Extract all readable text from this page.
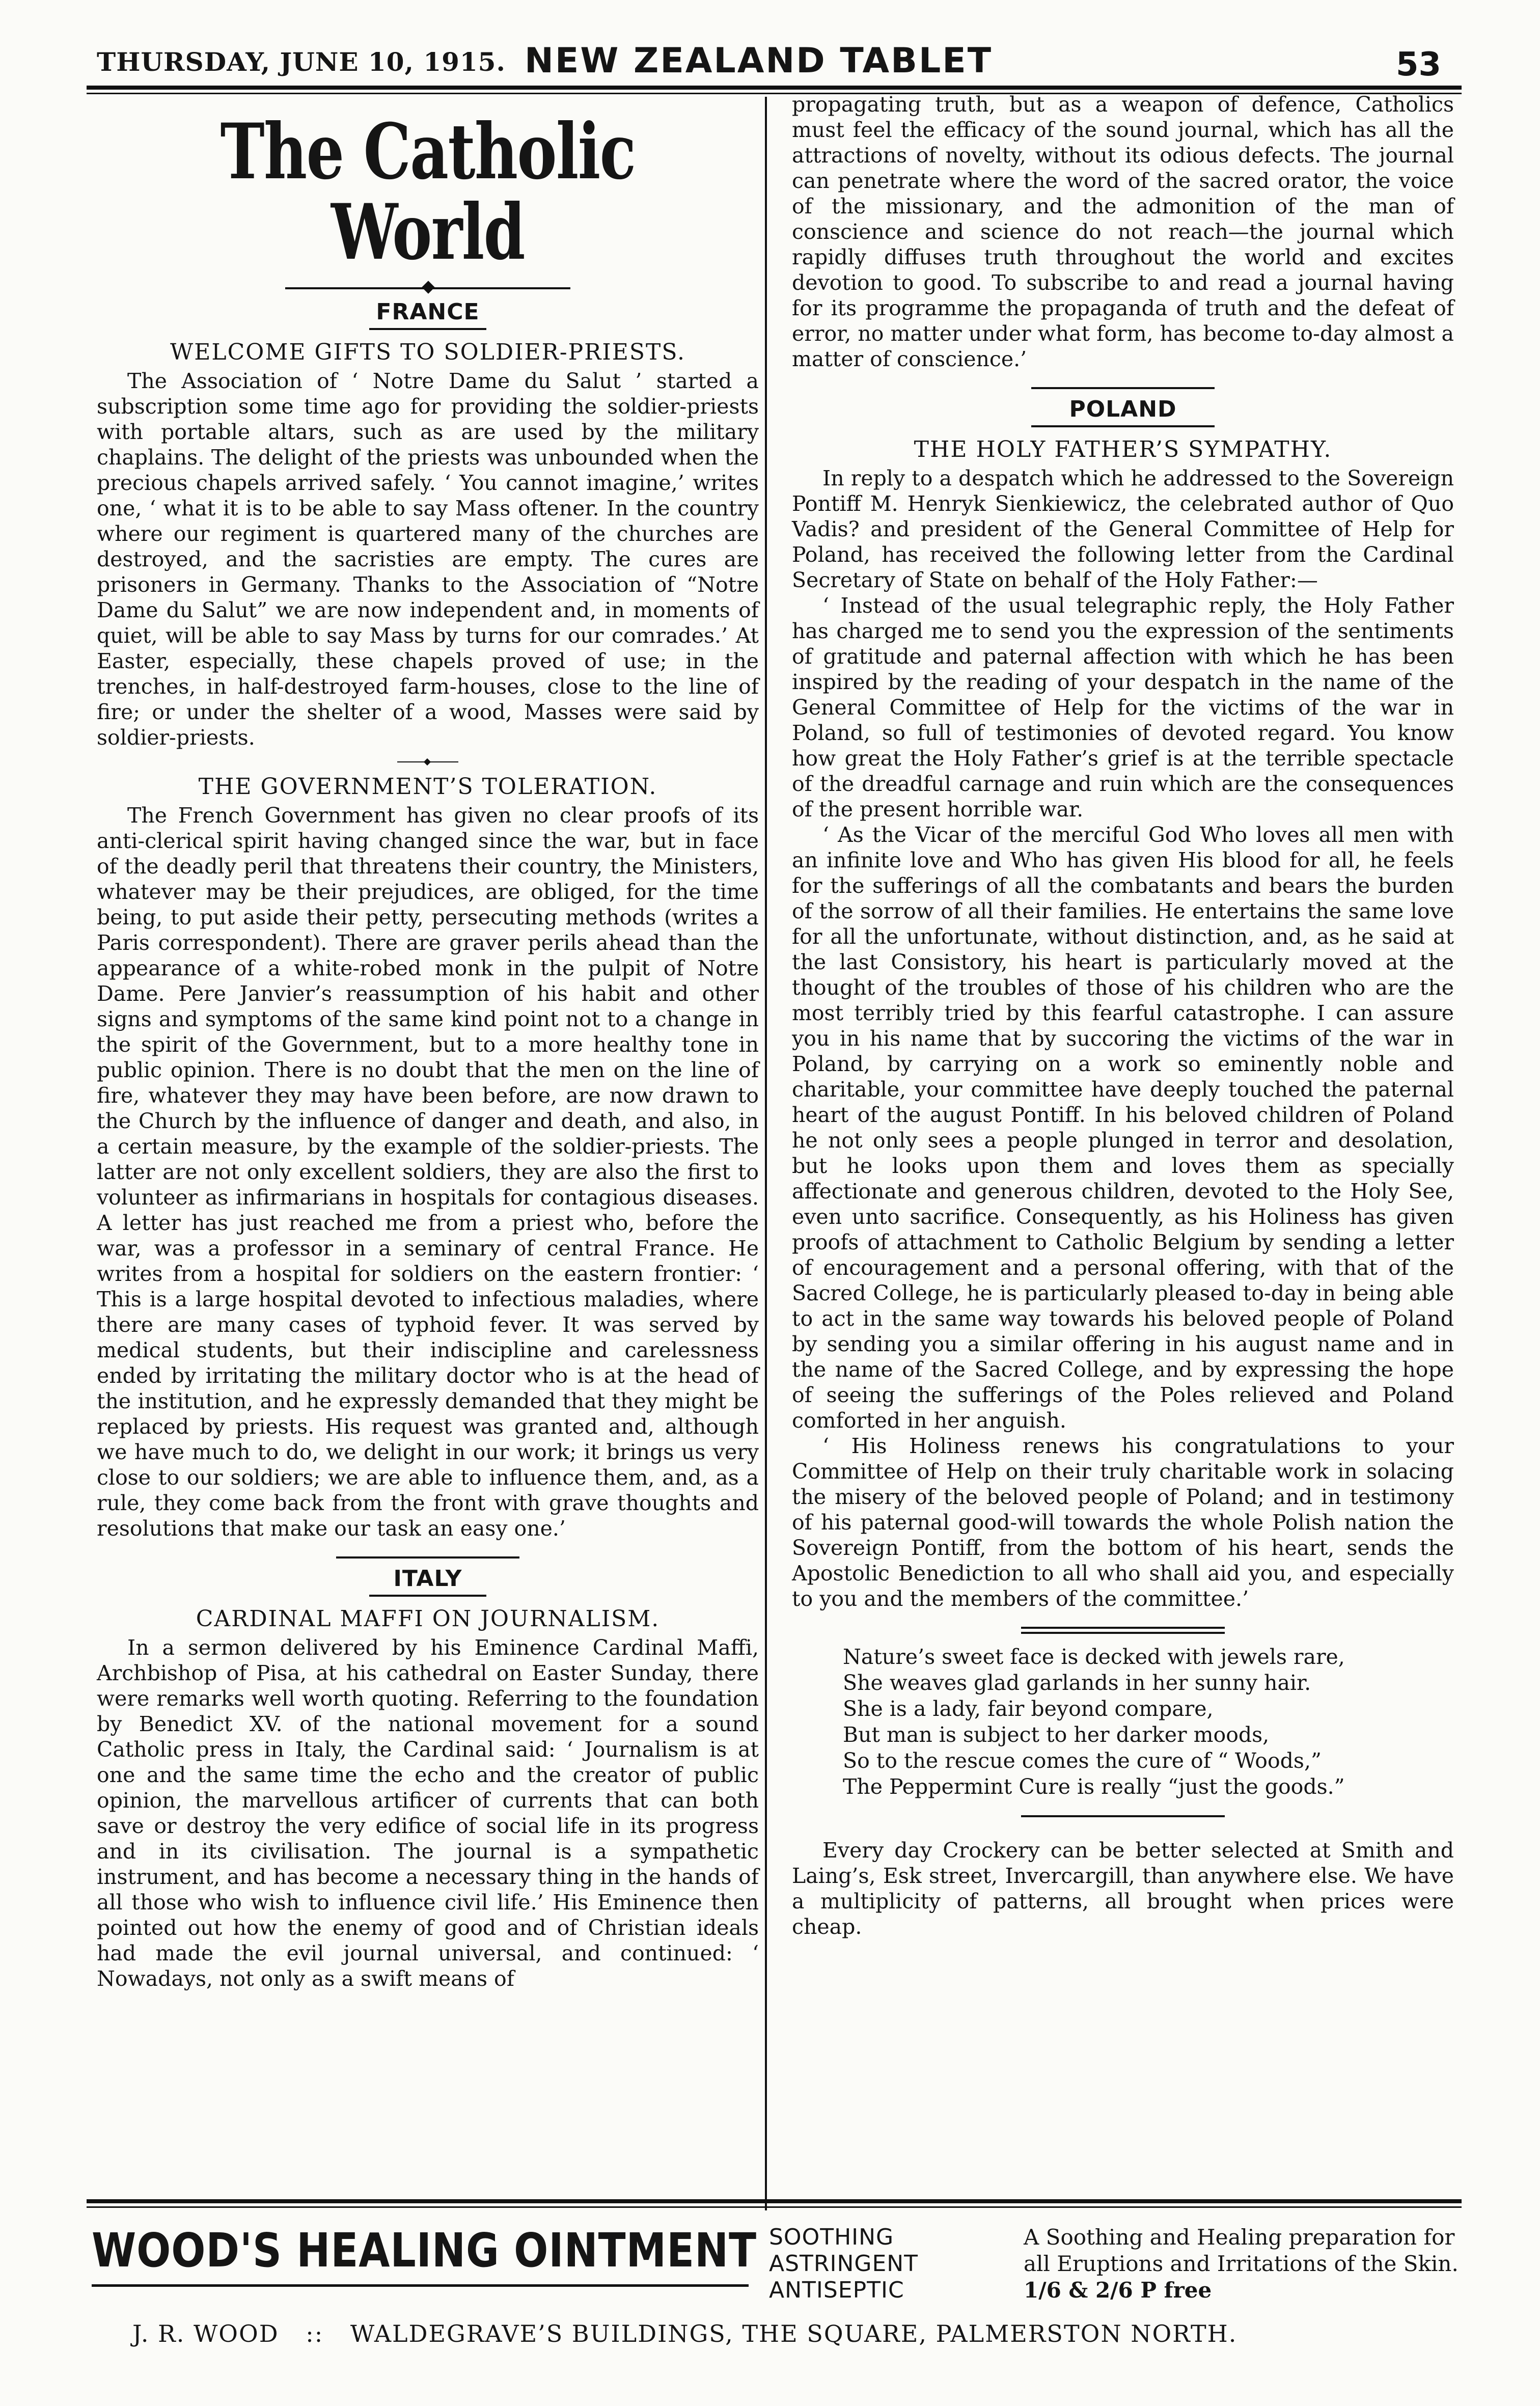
THURSDAY, JUNE 10, 1915. NEW ZEALAND TABLET	53
The Catholic World
FRANCE
WELCOME GIFTS TO SOLDIER-PRIESTS.

The Association of ‘ Notre Dame du Salut ’ started a subscription some time ago for providing the soldier-priests with portable altars, such as are used by the military chaplains. The delight of the priests was unbounded when the precious chapels arrived safely. ‘ You cannot imagine,’ writes one, ‘ what it is to be able to say Mass oftener. In the country where our regiment is quartered many of the churches are destroyed, and the sacristies are empty. The cures are prisoners in Germany. Thanks to the Association of “Notre Dame du Salut” we are now independent and, in moments of quiet, will be able to say Mass by turns for our comrades.’ At Easter, especially, these chapels proved of use; in the trenches, in half-destroyed farm-houses, close to the line of fire; or under the shelter of a wood, Masses were said by soldier-priests.

THE GOVERNMENT’S TOLERATION.

The French Government has given no clear proofs of its anti-clerical spirit having changed since the war, but in face of the deadly peril that threatens their country, the Ministers, whatever may be their prejudices, are obliged, for the time being, to put aside their petty, persecuting methods (writes a Paris correspondent). There are graver perils ahead than the appearance of a white-robed monk in the pulpit of Notre Dame. Pere Janvier’s reassumption of his habit and other signs and symptoms of the same kind point not to a change in the spirit of the Government, but to a more healthy tone in public opinion. There is no doubt that the men on the line of fire, whatever they may have been before, are now drawn to the Church by the influence of danger and death, and also, in a certain measure, by the example of the soldier-priests. The latter are not only excellent soldiers, they are also the first to volunteer as infirmarians in hospitals for contagious diseases. A letter has just reached me from a priest who, before the war, was a professor in a seminary of central France. He writes from a hospital for soldiers on the eastern frontier: ‘ This is a large hospital devoted to infectious maladies, where there are many cases of typhoid fever. It was served by medical students, but their indiscipline and carelessness ended by irritating the military doctor who is at the head of the institution, and he expressly demanded that they might be replaced by priests. His request was granted and, although we have much to do, we delight in our work; it brings us very close to our soldiers; we are able to influence them, and, as a rule, they come back from the front with grave thoughts and resolutions that make our task an easy one.’

ITALY
CARDINAL MAFFI ON JOURNALISM.

In a sermon delivered by his Eminence Cardinal Maffi, Archbishop of Pisa, at his cathedral on Easter Sunday, there were remarks well worth quoting. Referring to the foundation by Benedict XV. of the national movement for a sound Catholic press in Italy, the Cardinal said: ‘ Journalism is at one and the same time the echo and the creator of public opinion, the marvellous artificer of currents that can both save or destroy the very edifice of social life in its progress and in its civilisation. The journal is a sympathetic instrument, and has become a necessary thing in the hands of all those who wish to influence civil life.’ His Eminence then pointed out how the enemy of good and of Christian ideals had made the evil journal universal, and continued: ‘ Nowadays, not only as a swift means of

propagating truth, but as a weapon of defence, Catholics must feel the efficacy of the sound journal, which has all the attractions of novelty, without its odious defects. The journal can penetrate where the word of the sacred orator, the voice of the missionary, and the admonition of the man of conscience and science do not reach—the journal which rapidly diffuses truth throughout the world and excites devotion to good. To subscribe to and read a journal having for its programme the propaganda of truth and the defeat of error, no matter under what form, has become to-day almost a matter of conscience.’

POLAND
THE HOLY FATHER’S SYMPATHY.

In reply to a despatch which he addressed to the Sovereign Pontiff M. Henryk Sienkiewicz, the celebrated author of Quo Vadis? and president of the General Committee of Help for Poland, has received the following letter from the Cardinal Secretary of State on behalf of the Holy Father:—

‘ Instead of the usual telegraphic reply, the Holy Father has charged me to send you the expression of the sentiments of gratitude and paternal affection with which he has been inspired by the reading of your despatch in the name of the General Committee of Help for the victims of the war in Poland, so full of testimonies of devoted regard. You know how great the Holy Father’s grief is at the terrible spectacle of the dreadful carnage and ruin which are the consequences of the present horrible war.

‘ As the Vicar of the merciful God Who loves all men with an infinite love and Who has given His blood for all, he feels for the sufferings of all the combatants and bears the burden of the sorrow of all their families. He entertains the same love for all the unfortunate, without distinction, and, as he said at the last Consistory, his heart is particularly moved at the thought of the troubles of those of his children who are the most terribly tried by this fearful catastrophe. I can assure you in his name that by succoring the victims of the war in Poland, by carrying on a work so eminently noble and charitable, your committee have deeply touched the paternal heart of the august Pontiff. In his beloved children of Poland he not only sees a people plunged in terror and desolation, but he looks upon them and loves them as specially affectionate and generous children, devoted to the Holy See, even unto sacrifice. Consequently, as his Holiness has given proofs of attachment to Catholic Belgium by sending a letter of encouragement and a personal offering, with that of the Sacred College, he is particularly pleased to-day in being able to act in the same way towards his beloved people of Poland by sending you a similar offering in his august name and in the name of the Sacred College, and by expressing the hope of seeing the sufferings of the Poles relieved and Poland comforted in her anguish.

‘ His Holiness renews his congratulations to your Committee of Help on their truly charitable work in solacing the misery of the beloved people of Poland; and in testimony of his paternal good-will towards the whole Polish nation the Sovereign Pontiff, from the bottom of his heart, sends the Apostolic Benediction to all who shall aid you, and especially to you and the members of the committee.’

Nature’s sweet face is decked with jewels rare,
She weaves glad garlands in her sunny hair.
She is a lady, fair beyond compare,
But man is subject to her darker moods,
So to the rescue comes the cure of “ Woods,”
The Peppermint Cure is really “just the goods.”

Every day Crockery can be better selected at Smith and Laing’s, Esk street, Invercargill, than anywhere else. We have a multiplicity of patterns, all brought when prices were cheap.

WOOD'S HEALING OINTMENT SOOTHING
ASTRINGENT
ANTISEPTIC
A Soothing and Healing preparation for all Eruptions and Irritations of the Skin. 1/6 & 2/6 P free
J. R. WOOD :: WALDEGRAVE’S BUILDINGS, THE SQUARE, PALMERSTON NORTH.
